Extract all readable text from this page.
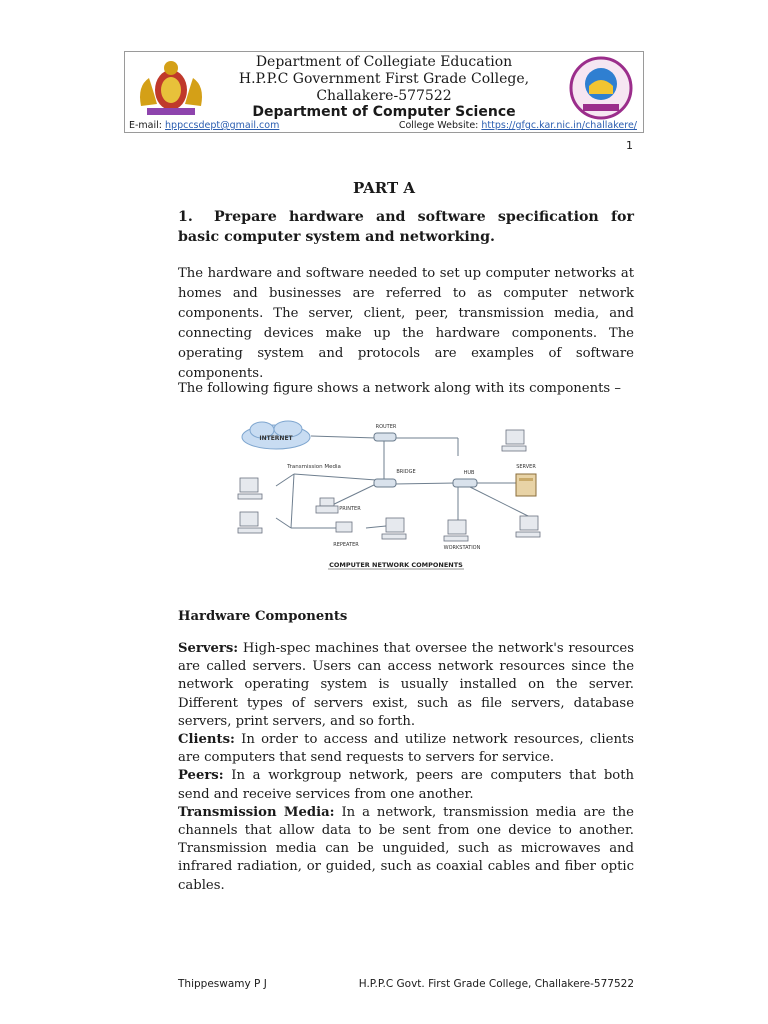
Department of Collegiate Education
H.P.P.C Government First Grade College,
Challakere-577522
Department of Computer Science
E-mail: hppccsdept@gmail.com	College Website: https://gfgc.kar.nic.in/challakere/
1
PART A
1. Prepare hardware and software specification for basic computer system and networking.
The hardware and software needed to set up computer networks at homes and businesses are referred to as computer network components. The server, client, peer, transmission media, and connecting devices make up the hardware components. The operating system and protocols are examples of software components.
The following figure shows a network along with its components –
INTERNET
ROUTER
BRIDGE	HUB
Transmission Media	SERVER
PRINTER
REPEATER	WORKSTATION
COMPUTER NETWORK COMPONENTS
Hardware Components
Servers: High-spec machines that oversee the network's resources are called servers. Users can access network resources since the network operating system is usually installed on the server. Different types of servers exist, such as file servers, database servers, print servers, and so forth.
Clients: In order to access and utilize network resources, clients are computers that send requests to servers for service.
Peers: In a workgroup network, peers are computers that both send and receive services from one another.
Transmission Media: In a network, transmission media are the channels that allow data to be sent from one device to another. Transmission media can be unguided, such as microwaves and infrared radiation, or guided, such as coaxial cables and fiber optic cables.
Thippeswamy P J	H.P.P.C Govt. First Grade College, Challakere-577522
